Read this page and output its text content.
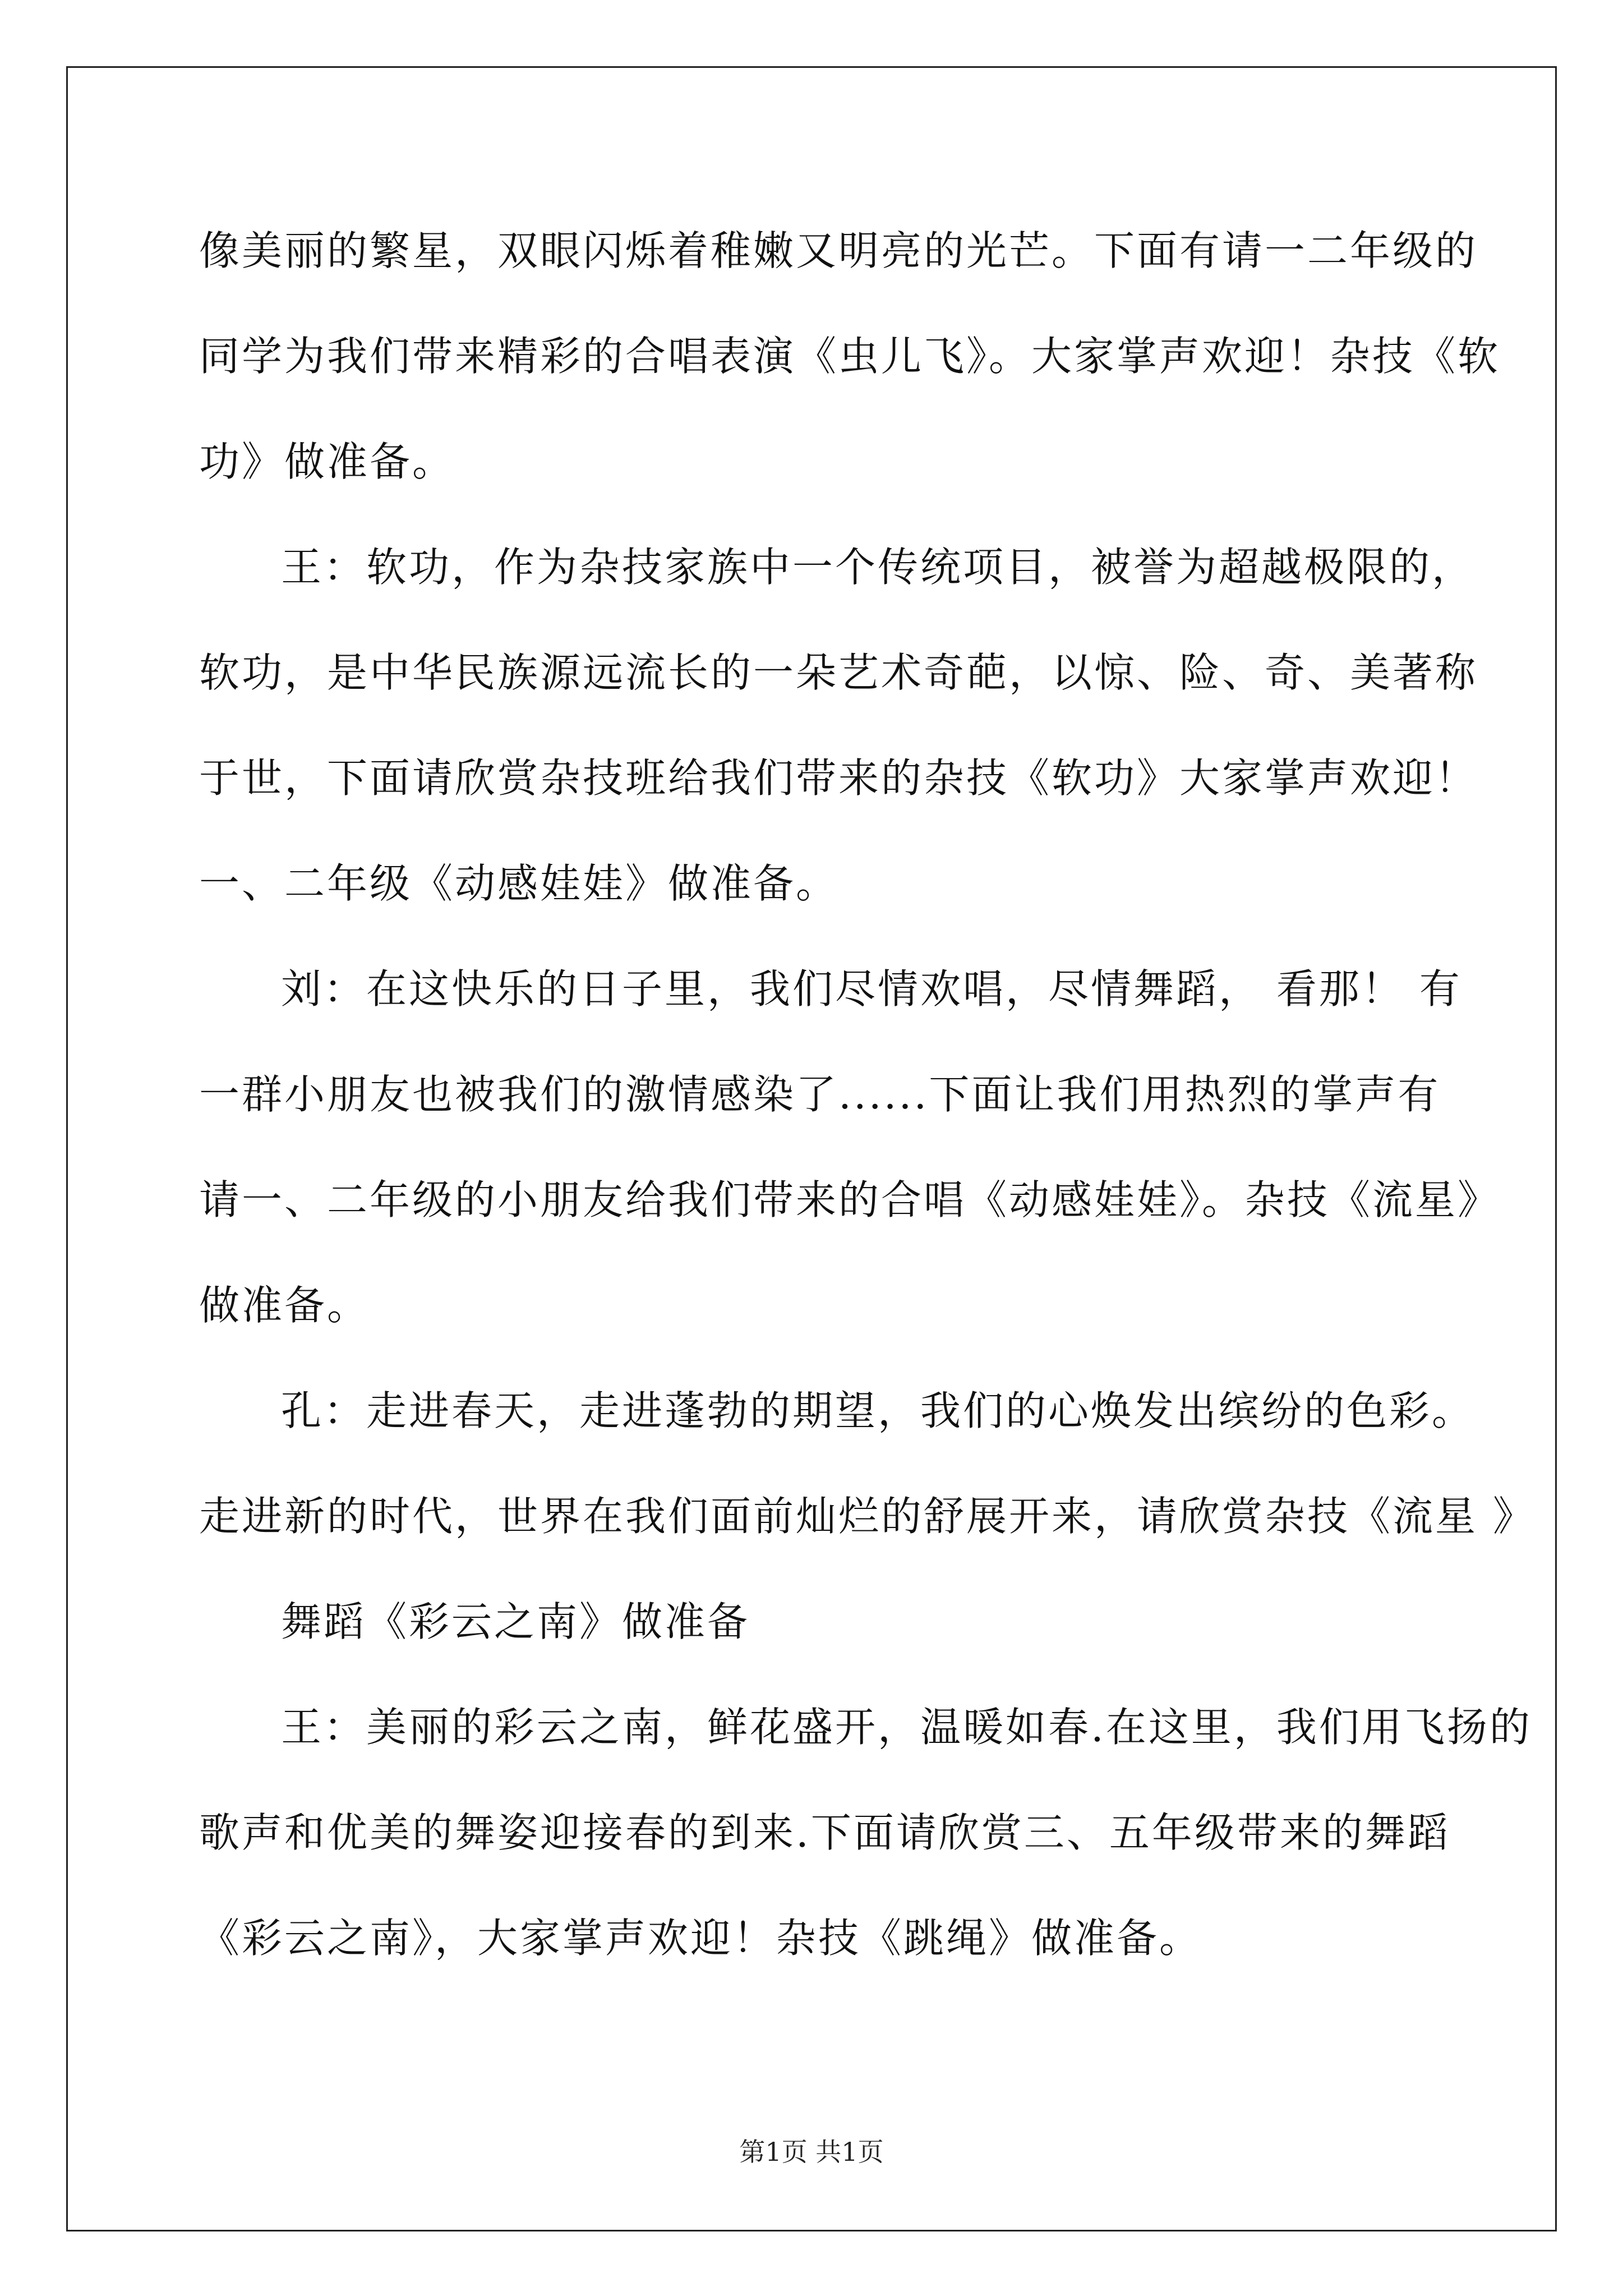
像美丽的繁星，双眼闪烁着稚嫩又明亮的光芒。下面有请一二年级的
同学为我们带来精彩的合唱表演《虫儿飞》。大家掌声欢迎！杂技《软
功》做准备。
王：软功，作为杂技家族中一个传统项目，被誉为超越极限的，
软功，是中华民族源远流长的一朵艺术奇葩，以惊、险、奇、美著称
于世，下面请欣赏杂技班给我们带来的杂技《软功》大家掌声欢迎！
一、二年级《动感娃娃》做准备。
刘：在这快乐的日子里，我们尽情欢唱，尽情舞蹈， 看那！ 有
一群小朋友也被我们的激情感染了......下面让我们用热烈的掌声有
请一、二年级的小朋友给我们带来的合唱《动感娃娃》。杂技《流星》
做准备。
孔：走进春天，走进蓬勃的期望，我们的心焕发出缤纷的色彩。
走进新的时代，世界在我们面前灿烂的舒展开来，请欣赏杂技《流星 》
舞蹈《彩云之南》做准备
王：美丽的彩云之南，鲜花盛开，温暖如春.在这里，我们用飞扬的
歌声和优美的舞姿迎接春的到来.下面请欣赏三、五年级带来的舞蹈
《彩云之南》，大家掌声欢迎！杂技《跳绳》做准备。
第1页 共1页
